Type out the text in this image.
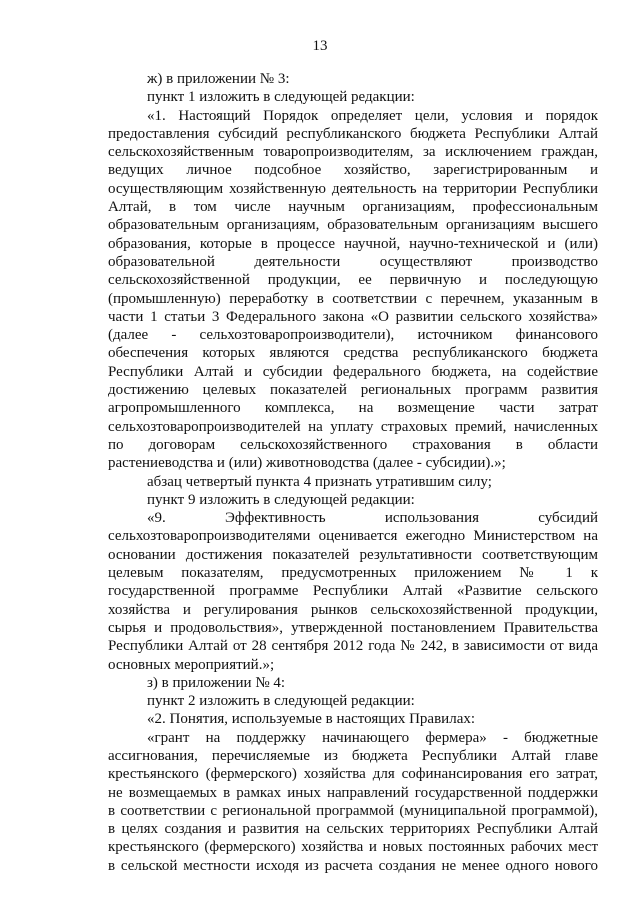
13
ж) в приложении № 3:
пункт 1 изложить в следующей редакции:
«1. Настоящий Порядок определяет цели, условия и порядок
предоставления субсидий республиканского бюджета Республики Алтай
сельскохозяйственным товаропроизводителям, за исключением граждан,
ведущих личное подсобное хозяйство, зарегистрированным и
осуществляющим хозяйственную деятельность на территории Республики
Алтай, в том числе научным организациям, профессиональным
образовательным организациям, образовательным организациям высшего
образования, которые в процессе научной, научно-технической и (или)
образовательной деятельности осуществляют производство
сельскохозяйственной продукции, ее первичную и последующую
(промышленную) переработку в соответствии с перечнем, указанным в
части 1 статьи 3 Федерального закона «О развитии сельского хозяйства»
(далее - сельхозтоваропроизводители), источником финансового
обеспечения которых являются средства республиканского бюджета
Республики Алтай и субсидии федерального бюджета, на содействие
достижению целевых показателей региональных программ развития
агропромышленного комплекса, на возмещение части затрат
сельхозтоваропроизводителей на уплату страховых премий, начисленных
по договорам сельскохозяйственного страхования в области
растениеводства и (или) животноводства (далее - субсидии).»;
абзац четвертый пункта 4 признать утратившим силу;
пункт 9 изложить в следующей редакции:
«9. Эффективность использования субсидий
сельхозтоваропроизводителями оценивается ежегодно Министерством на
основании достижения показателей результативности соответствующим
целевым показателям, предусмотренных приложением № 1 к
государственной программе Республики Алтай «Развитие сельского
хозяйства и регулирования рынков сельскохозяйственной продукции,
сырья и продовольствия», утвержденной постановлением Правительства
Республики Алтай от 28 сентября 2012 года № 242, в зависимости от вида
основных мероприятий.»;
з) в приложении № 4:
пункт 2 изложить в следующей редакции:
«2. Понятия, используемые в настоящих Правилах:
«грант на поддержку начинающего фермера» - бюджетные
ассигнования, перечисляемые из бюджета Республики Алтай главе
крестьянского (фермерского) хозяйства для софинансирования его затрат,
не возмещаемых в рамках иных направлений государственной поддержки
в соответствии с региональной программой (муниципальной программой),
в целях создания и развития на сельских территориях Республики Алтай
крестьянского (фермерского) хозяйства и новых постоянных рабочих мест
в сельской местности исходя из расчета создания не менее одного нового
